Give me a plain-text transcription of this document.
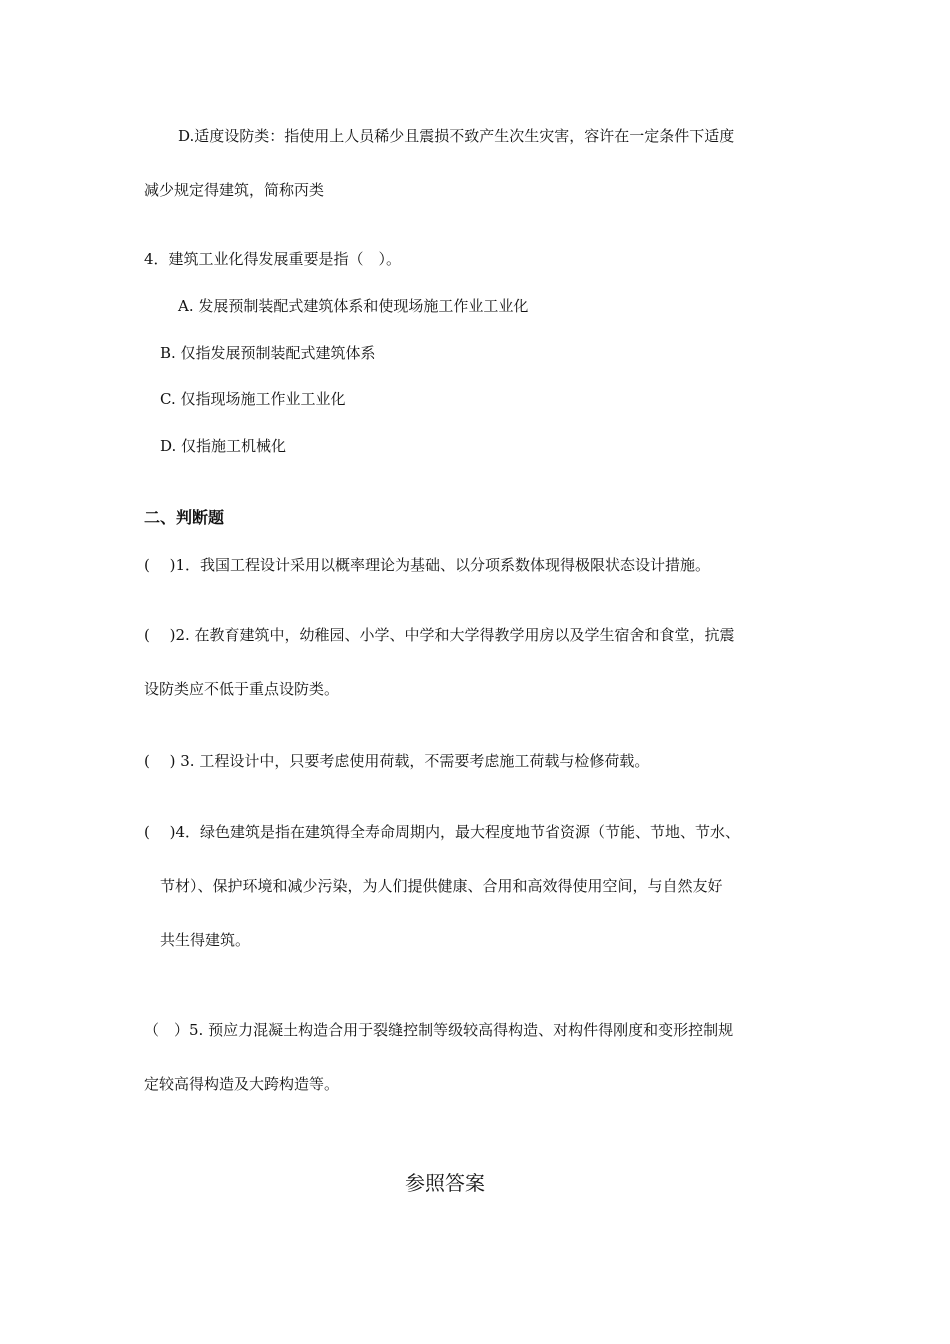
D.适度设防类：指使用上人员稀少且震损不致产生次生灾害，容许在一定条件下适度
减少规定得建筑，简称丙类
4．建筑工业化得发展重要是指（　）。
A. 发展预制装配式建筑体系和使现场施工作业工业化
B. 仅指发展预制装配式建筑体系
C. 仅指现场施工作业工业化
D. 仅指施工机械化
二、判断题
(　 )1．我国工程设计采用以概率理论为基础、以分项系数体现得极限状态设计措施。
(　 )2. 在教育建筑中，幼稚园、小学、中学和大学得教学用房以及学生宿舍和食堂，抗震
设防类应不低于重点设防类。
(　 ) 3. 工程设计中，只要考虑使用荷载，不需要考虑施工荷载与检修荷载。
(　 )4．绿色建筑是指在建筑得全寿命周期内，最大程度地节省资源（节能、节地、节水、
节材）、保护环境和减少污染，为人们提供健康、合用和高效得使用空间，与自然友好
共生得建筑。
（　）5. 预应力混凝土构造合用于裂缝控制等级较高得构造、对构件得刚度和变形控制规
定较高得构造及大跨构造等。
参照答案
